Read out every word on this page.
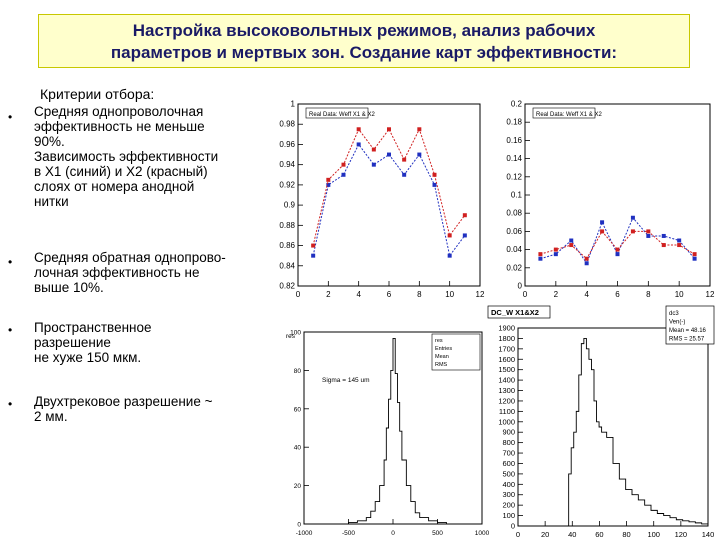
Настройка высоковольтных режимов, анализ рабочих
параметров и мертвых зон. Создание карт эффективности:
Критерии отбора:
• Средняя однопроволочная
эффективность не меньше
90%.
Зависимость эффективности
в X1 (синий) и X2 (красный)
слоях от номера анодной
нитки
• Средняя обратная однопрово-
лочная эффективность не
выше 10%.
• Пространственное
разрешение
не хуже 150 мкм.
• Двухтрековое разрешение ~
2 мм.
0.82
0.84
0.86
0.88
0.9
0.92
0.94
0.96
0.98
1
0	2	4	6	8	10	12
Real Data: Weff X1 & X2
0
0.02
0.04
0.06
0.08
0.1
0.12
0.14
0.16
0.18
0.2
0	2	4	6	8	10	12
Real Data: Weff X1 & X2
0
20
40
60
80
100
-1000	-500	0	500	1000
res
Sigma = 145 um
res
Entries
Mean
RMS
0
100
200
300
400
500
600
700
800
900
1000
1100
1200
1300
1400
1500
1600
1700
1800
1900
0	20	40	60	80 100 120 140
DC_W X1&X2	dc3
Ven(-)
Mean = 48.16
RMS = 25.57
